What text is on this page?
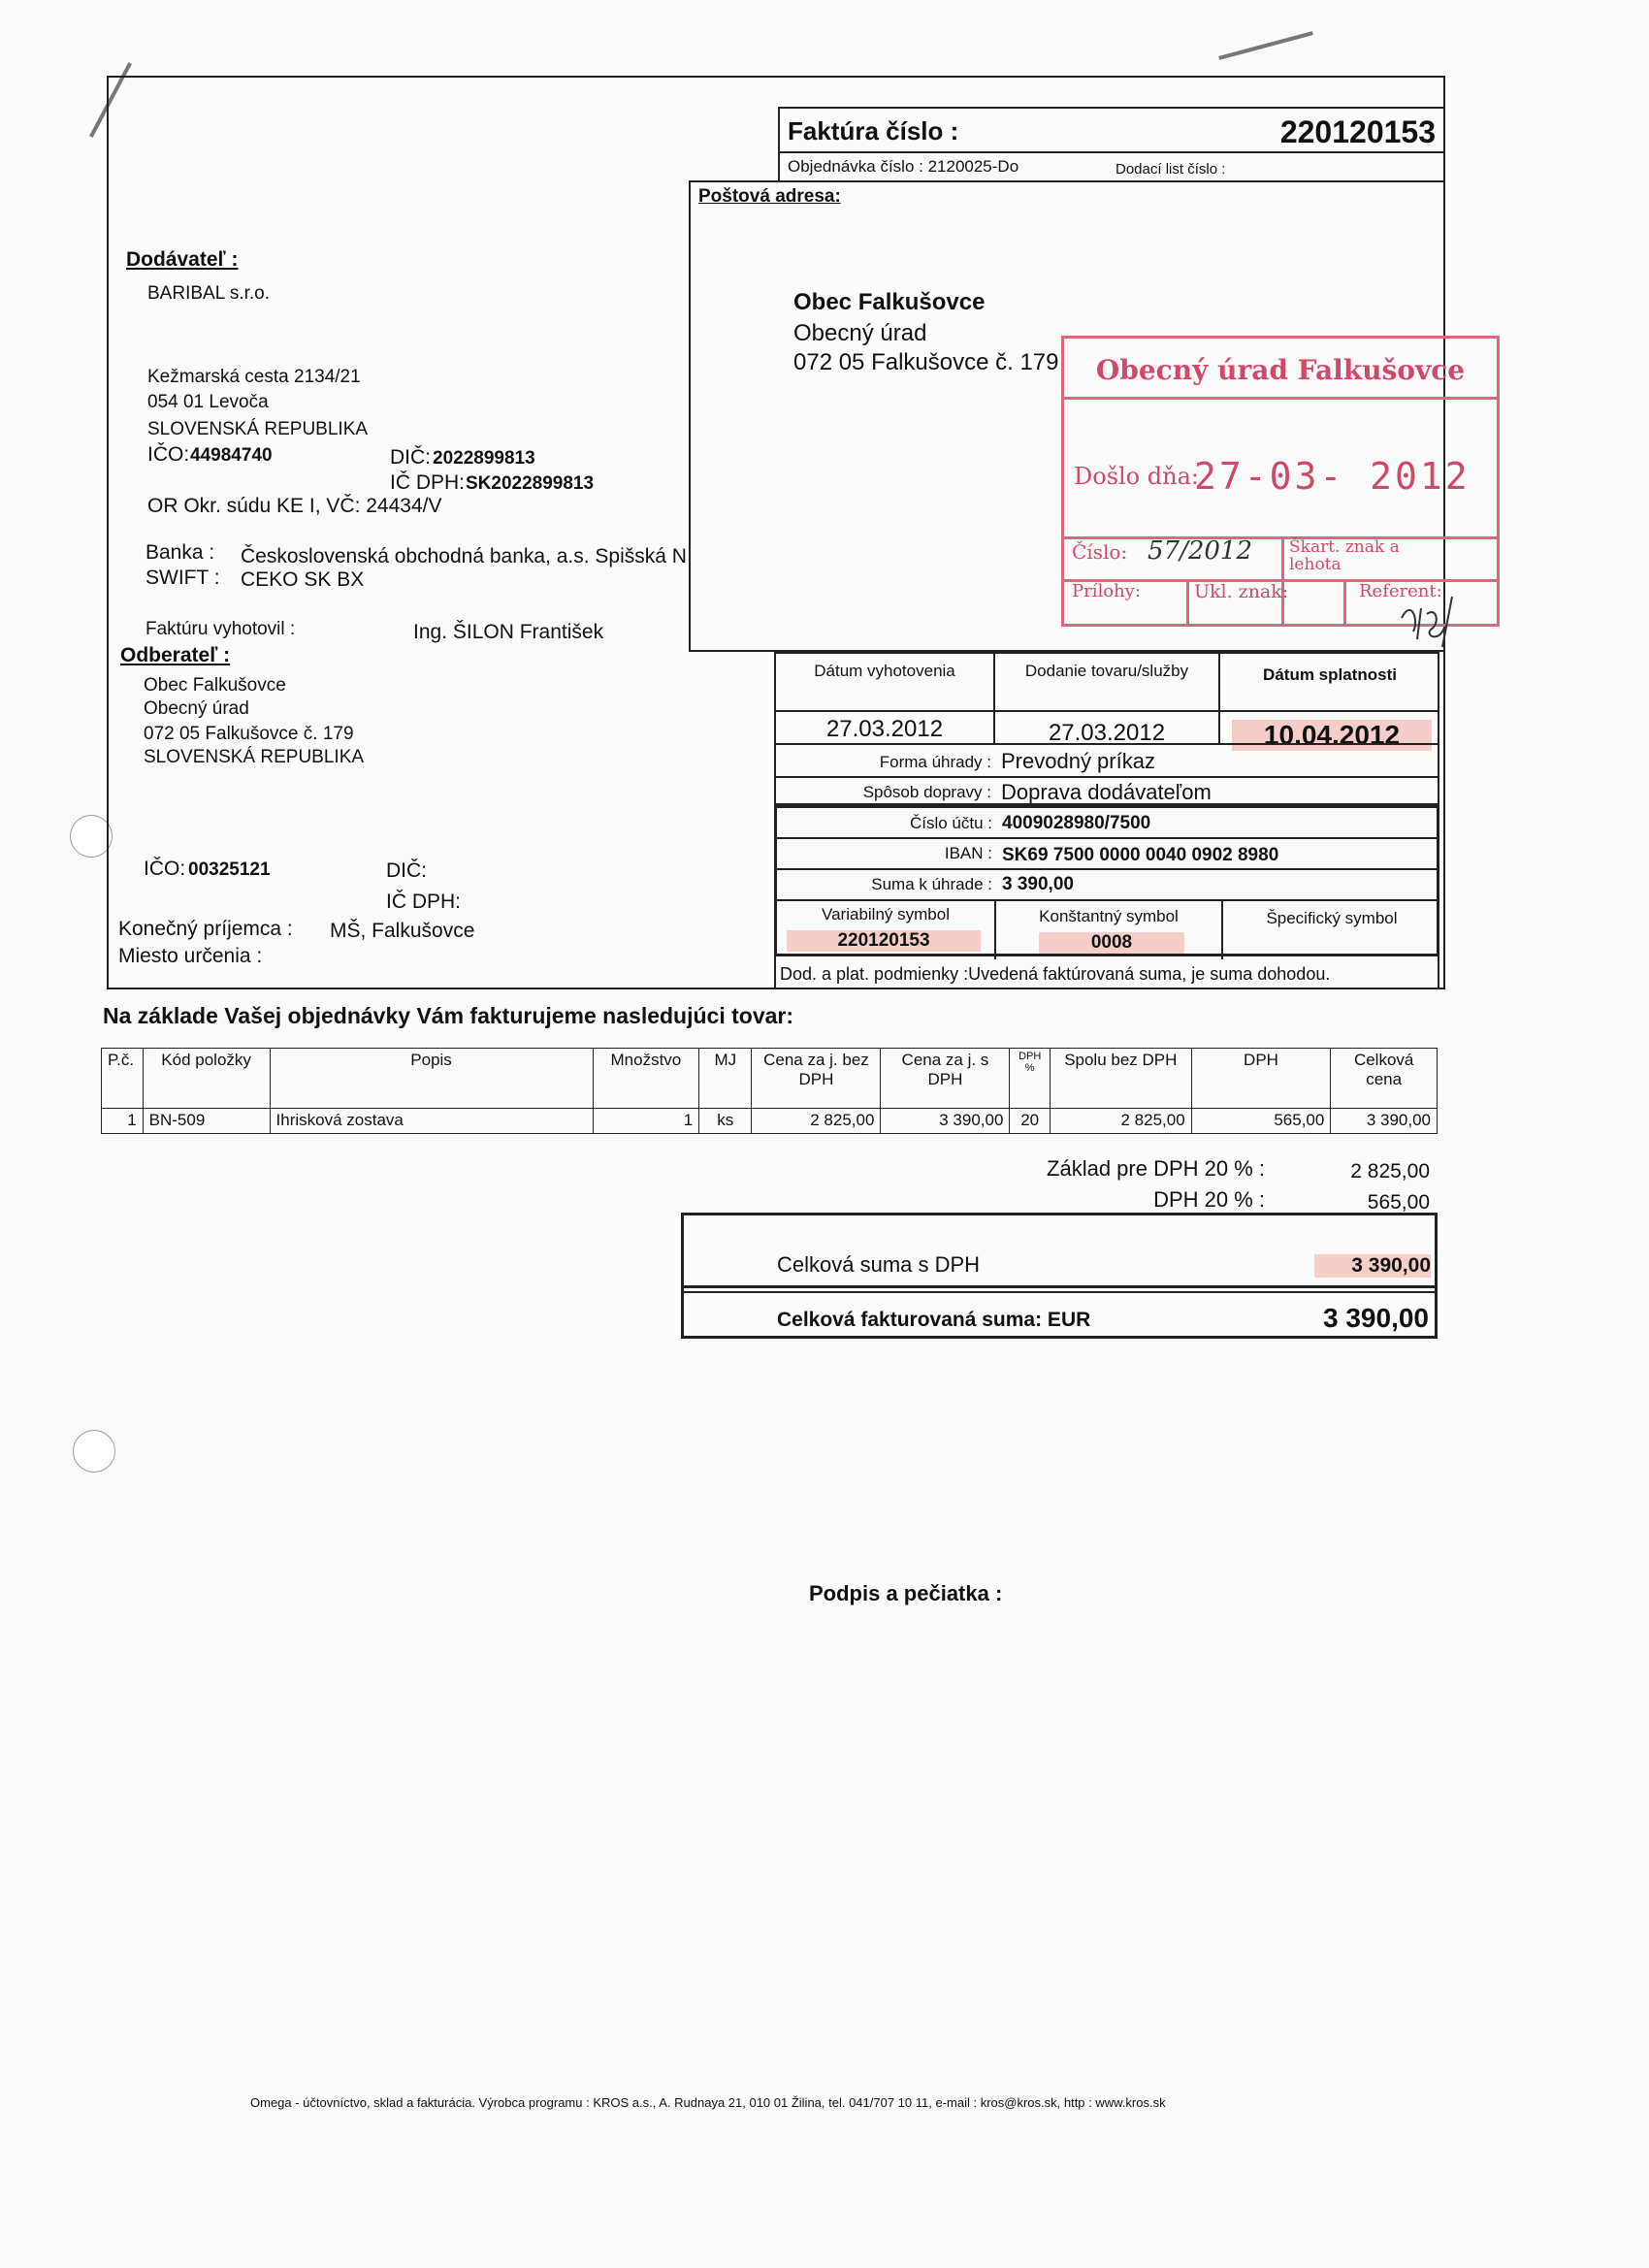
Faktúra číslo :	220120153
Objednávka číslo : 2120025-Do	Dodací list číslo :
Poštová adresa:
Obec Falkušovce
Obecný úrad
072 05 Falkušovce č. 179	Obecný úrad Falkušovce
Došlo dňa:
27-03- 2012
Číslo: 57/2012 Škart. znak a lehota
Prílohy:	Ukl. znak:	Referent:
Dodávateľ :
BARIBAL s.r.o.
Kežmarská cesta 2134/21
054 01 Levoča
SLOVENSKÁ REPUBLIKA
IČO: 44984740	DIČ: 2022899813
IČ DPH: SK2022899813
OR Okr. súdu KE I, VČ: 24434/V
Banka : Československá obchodná banka, a.s. Spišská N
SWIFT : CEKO SK BX
Faktúru vyhotovil :	Ing. ŠILON František
Odberateľ :
Obec Falkušovce
Obecný úrad
072 05 Falkušovce č. 179
SLOVENSKÁ REPUBLIKA
IČO: 00325121	DIČ:
IČ DPH:
Konečný príjemca : MŠ, Falkušovce
Miesto určenia :
Dátum vyhotovenia	Dodanie tovaru/služby	Dátum splatnosti
27.03.2012	27.03.2012	10.04.2012
Forma úhrady : Prevodný príkaz
Spôsob dopravy : Doprava dodávateľom
Číslo účtu : 4009028980/7500
IBAN : SK69 7500 0000 0040 0902 8980
Suma k úhrade : 3 390,00
Variabilný symbol	Konštantný symbol	Špecifický symbol
220120153	0008
Dod. a plat. podmienky :Uvedená faktúrovaná suma, je suma dohodou.
Na základe Vašej objednávky Vám fakturujeme nasledujúci tovar:
P.č.	Kód položky	Popis	Množstvo	MJ	Cena za j. bez DPH	Cena za j. s DPH	DPH %	Spolu bez DPH	DPH	Celková cena
1	BN-509	Ihrisková zostava	1	ks	2 825,00	3 390,00	20	2 825,00	565,00	3 390,00
Základ pre DPH 20 % :	2 825,00
DPH 20 % :	565,00
Celková suma s DPH	3 390,00
Celková fakturovaná suma: EUR	3 390,00
Podpis a pečiatka :
Omega - účtovníctvo, sklad a fakturácia. Výrobca programu : KROS a.s., A. Rudnaya 21, 010 01 Žilina, tel. 041/707 10 11, e-mail : kros@kros.sk, http : www.kros.sk
